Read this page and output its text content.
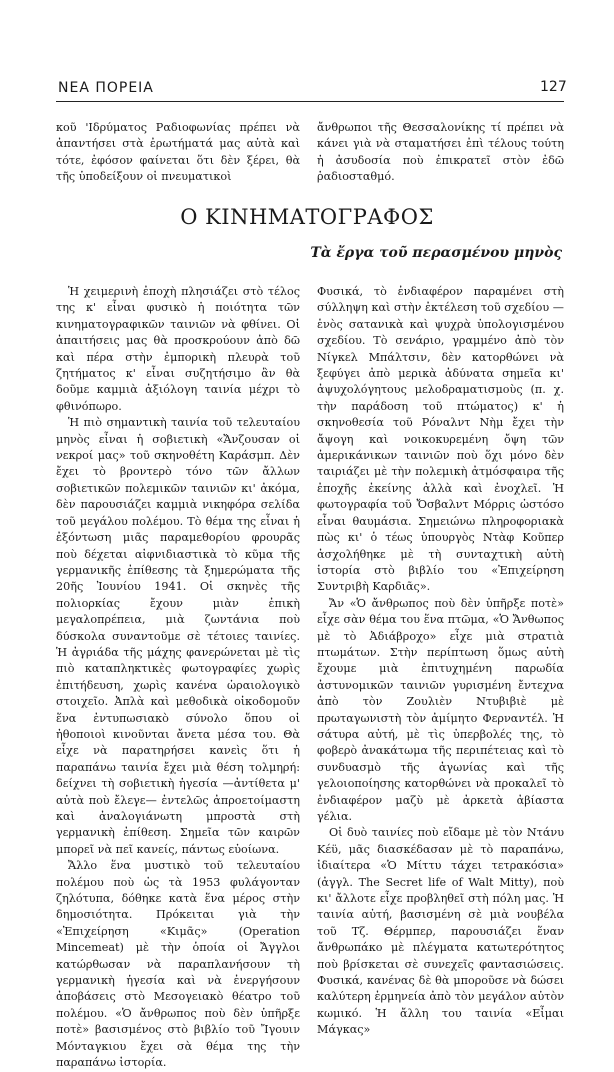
ΝΕΑ ΠΟΡΕΙΑ	127

κοῦ 'Ιδρύματος Ραδιοφωνίας πρέπει νὰ ἀπαντήσει στὰ ἐρωτήματά μας αὐτὰ καὶ τότε, ἐφόσον φαίνεται ὅτι δὲν ξέρει, θὰ τῆς ὑποδείξουν οἱ πνευματικοὶ

ἄνθρωποι τῆς Θεσσαλονίκης τί πρέπει νὰ κάνει γιὰ νὰ σταματήσει ἐπὶ τέλους τούτη ἡ ἀσυδοσία ποὺ ἐπικρατεῖ στὸν ἐδῶ ῥαδιοσταθμό.

Ο ΚΙΝΗΜΑΤΟΓΡΑΦΟΣ
Τὰ ἔργα τοῦ περασμένου μηνὸς

Ἡ χειμερινὴ ἐποχὴ πλησιάζει στὸ τέλος της κ' εἶναι φυσικὸ ἡ ποιότητα τῶν κινηματογραφικῶν ταινιῶν νὰ φθίνει. Οἱ ἀπαιτήσεις μας θὰ προσκρούουν ἀπὸ δῶ καὶ πέρα στὴν ἐμπορικὴ πλευρὰ τοῦ ζητήματος κ' εἶναι συζητήσιμο ἂν θὰ δοῦμε καμμιὰ ἀξιόλογη ταινία μέχρι τὸ φθινόπωρο.

Ἡ πιὸ σημαντικὴ ταινία τοῦ τελευταίου μηνὸς εἶναι ἡ σοβιετικὴ «Ἄνζουσαν οἱ νεκροί μας» τοῦ σκηνοθέτη Καράσμπ. Δὲν ἔχει τὸ βροντερὸ τόνο τῶν ἄλλων σοβιετικῶν πολεμικῶν ταινιῶν κι' ἀκόμα, δὲν παρουσιάζει καμμιὰ νικηφόρα σελίδα τοῦ μεγάλου πολέμου. Τὸ θέμα της εἶναι ἡ ἐξόντωση μιᾶς παραμεθορίου φρουρᾶς ποὺ δέχεται αἰφνιδιαστικὰ τὸ κῦμα τῆς γερμανικῆς ἐπίθεσης τὰ ξημερώματα τῆς 20ῆς Ἰουνίου 1941. Οἱ σκηνὲς τῆς πολιορκίας ἔχουν μιὰν ἐπικὴ μεγαλοπρέπεια, μιὰ ζωντάνια ποὺ δύσκολα συναντοῦμε σὲ τέτοιες ταινίες. Ἡ ἀγριάδα τῆς μάχης φανερώνεται μὲ τὶς πιὸ καταπληκτικὲς φωτογραφίες χωρὶς ἐπιτήδευση, χωρὶς κανένα ὡραιολογικὸ στοιχεῖο. Ἀπλὰ καὶ μεθοδικὰ οἰκοδομοῦν ἕνα ἐντυπωσιακὸ σύνολο ὅπου οἱ ἠθοποιοὶ κινοῦνται ἄνετα μέσα του. Θὰ εἶχε νὰ παρατηρήσει κανεὶς ὅτι ἡ παραπάνω ταινία ἔχει μιὰ θέση τολμηρή: δείχνει τὴ σοβιετικὴ ἡγεσία —ἀντίθετα μ' αὐτὰ ποὺ ἔλεγε— ἐντελῶς ἀπροετοίμαστη καὶ ἀναλογιάνωτη μπροστὰ στὴ γερμανικὴ ἐπίθεση. Σημεῖα τῶν καιρῶν μπορεῖ νὰ πεῖ κανείς, πάντως εὐοίωνα.

Ἄλλο ἕνα μυστικὸ τοῦ τελευταίου πολέμου ποὺ ὡς τὰ 1953 φυλάγονταν ζηλότυπα, δόθηκε κατὰ ἕνα μέρος στὴν δημοσιότητα. Πρόκειται γιὰ τὴν «Ἐπιχείρηση «Κιμᾶς» (Operation Mincemeat) μὲ τὴν ὁποία οἱ Ἄγγλοι κατώρθωσαν νὰ παραπλανήσουν τὴ γερμανικὴ ἡγεσία καὶ νὰ ἐνεργήσουν ἀποβάσεις στὸ Μεσογειακὸ θέατρο τοῦ πολέμου. «Ὁ ἄνθρωπος ποὺ δὲν ὑπῆρξε ποτὲ» βασισμένος στὸ βιβλίο τοῦ Ἴγουιν Μόνταγκιου ἔχει σὰ θέμα της τὴν παραπάνω ἱστορία.

Φυσικά, τὸ ἐνδιαφέρον παραμένει στὴ σύλληψη καὶ στὴν ἐκτέλεση τοῦ σχεδίου —ἑνὸς σατανικὰ καὶ ψυχρὰ ὑπολογισμένου σχεδίου. Τὸ σενάριο, γραμμένο ἀπὸ τὸν Νίγκελ Μπάλτσιν, δὲν κατορθώνει νὰ ξεφύγει ἀπὸ μερικὰ ἀδύνατα σημεῖα κι' ἀψυχολόγητους μελοδραματισμοὺς (π. χ. τὴν παράδοση τοῦ πτώματος) κ' ἡ σκηνοθεσία τοῦ Ρόναλντ Νὴμ ἔχει τὴν ἄψογη καὶ νοικοκυρεμένη ὄψη τῶν ἀμερικάνικων ταινιῶν ποὺ ὅχι μόνο δὲν ταιριάζει μὲ τὴν πολεμικὴ ἀτμόσφαιρα τῆς ἐποχῆς ἐκείνης ἀλλὰ καὶ ἐνοχλεῖ. Ἡ φωτογραφία τοῦ Ὄσβαλντ Μόρρις ὡστόσο εἶναι θαυμάσια. Σημειώνω πληροφοριακὰ πὼς κι' ὁ τέως ὑπουργὸς Ντὰφ Κοῦπερ ἀσχολήθηκε μὲ τὴ συνταχτικὴ αὐτὴ ἱστορία στὸ βιβλίο του «Ἐπιχείρηση Συντριβὴ Καρδιᾶς».

Ἄν «Ὁ ἄνθρωπος ποὺ δὲν ὑπῆρξε ποτὲ» εἶχε σὰν θέμα του ἕνα πτῶμα, «Ὁ Ἄνθωπος μὲ τὸ Ἀδιάβροχο» εἶχε μιὰ στρατιὰ πτωμάτων. Στὴν περίπτωση ὅμως αὐτὴ ἔχουμε μιὰ ἐπιτυχημένη παρωδία ἀστυνομικῶν ταινιῶν γυρισμένη ἔντεχνα ἀπὸ τὸν Ζουλιὲν Ντυβιβιὲ μὲ πρωταγωνιστὴ τὸν ἀμίμητο Φερναντέλ. Ἡ σάτυρα αὐτή, μὲ τὶς ὑπερβολές της, τὸ φοβερὸ ἀνακάτωμα τῆς περιπέτειας καὶ τὸ συνδυασμὸ τῆς ἀγωνίας καὶ τῆς γελοιοποίησης κατορθώνει νὰ προκαλεῖ τὸ ἐνδιαφέρον μαζὺ μὲ ἀρκετὰ ἀβίαστα γέλια.

Οἱ δυὸ ταινίες ποὺ εἴδαμε μὲ τὸν Ντάνυ Κέϋ, μᾶς διασκέδασαν μὲ τὸ παραπάνω, ἰδιαίτερα «Ὁ Μίττυ τάχει τετρακόσια» (ἀγγλ. The Secret life of Walt Mitty), ποὺ κι' ἄλλοτε εἶχε προβληθεῖ στὴ πόλη μας. Ἡ ταινία αὐτή, βασισμένη σὲ μιὰ νουβέλα τοῦ Τζ. Θέρμπερ, παρουσιάζει ἕναν ἄνθρωπάκο μὲ πλέγματα κατωτερότητος ποὺ βρίσκεται σὲ συνεχεῖς φαντασιώσεις. Φυσικά, κανένας δὲ θὰ μποροῦσε νὰ δώσει καλύτερη ἑρμηνεία ἀπὸ τὸν μεγάλον αὐτὸν κωμικό. Ἡ ἄλλη του ταινία «Εἶμαι Μάγκας»
